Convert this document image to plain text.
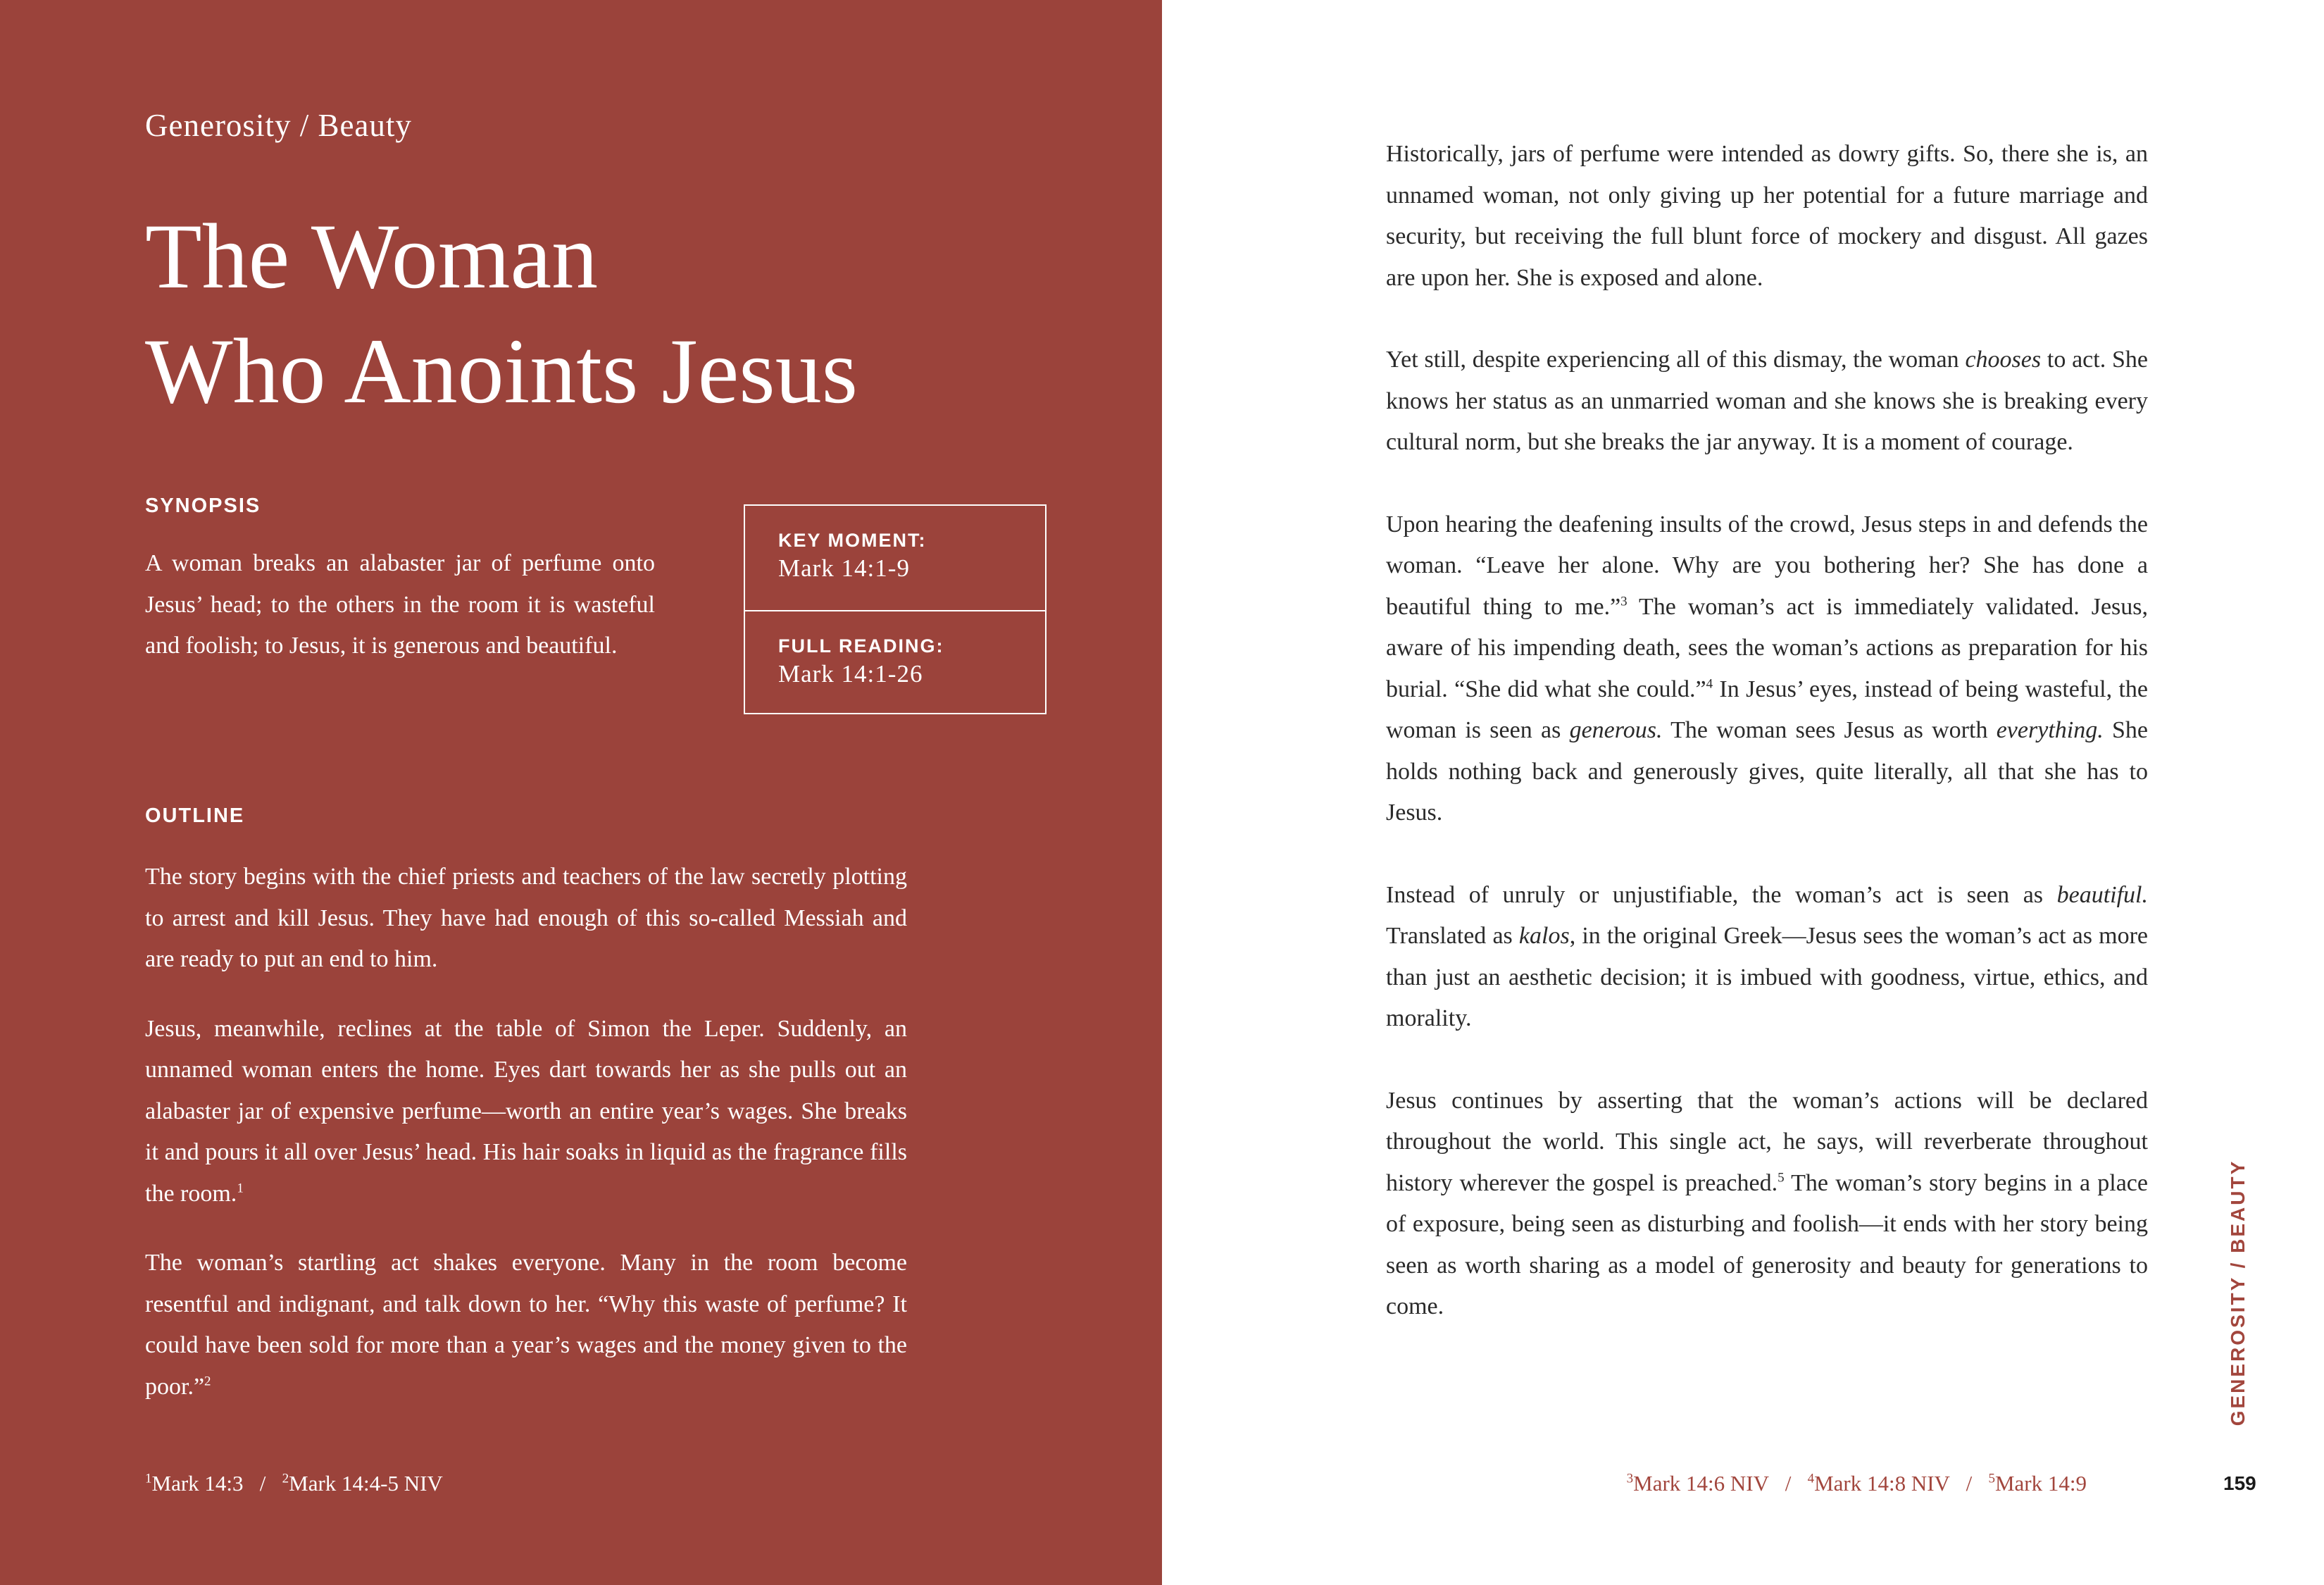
Generosity / Beauty
The Woman
Who Anoints Jesus
SYNOPSIS

A woman breaks an alabaster jar of perfume onto Jesus’ head; to the others in the room it is wasteful and foolish; to Jesus, it is generous and beautiful.

KEY MOMENT:
Mark 14:1-9
FULL READING:
Mark 14:1-26
OUTLINE

The story begins with the chief priests and teachers of the law secretly plotting to arrest and kill Jesus. They have had enough of this so-called Messiah and are ready to put an end to him.

Jesus, meanwhile, reclines at the table of Simon the Leper. Suddenly, an unnamed woman enters the home. Eyes dart towards her as she pulls out an alabaster jar of expensive perfume—worth an entire year’s wages. She breaks it and pours it all over Jesus’ head. His hair soaks in liquid as the fragrance fills the room.$^1$

The woman’s startling act shakes everyone. Many in the room become resentful and indignant, and talk down to her. “Why this waste of perfume? It could have been sold for more than a year’s wages and the money given to the poor.”$^2$

$^1$Mark 14:3 / $^2$Mark 14:4-5 NIV

Historically, jars of perfume were intended as dowry gifts. So, there she is, an unnamed woman, not only giving up her potential for a future marriage and security, but receiving the full blunt force of mockery and disgust. All gazes are upon her. She is exposed and alone.

Yet still, despite experiencing all of this dismay, the woman chooses to act. She knows her status as an unmarried woman and she knows she is breaking every cultural norm, but she breaks the jar anyway. It is a moment of courage.

Upon hearing the deafening insults of the crowd, Jesus steps in and defends the woman. “Leave her alone. Why are you bothering her? She has done a beautiful thing to me.”$^3$ The woman’s act is immediately validated. Jesus, aware of his impending death, sees the woman’s actions as preparation for his burial. “She did what she could.”$^4$ In Jesus’ eyes, instead of being wasteful, the woman is seen as generous. The woman sees Jesus as worth everything. She holds nothing back and generously gives, quite literally, all that she has to Jesus.

Instead of unruly or unjustifiable, the woman’s act is seen as beautiful. Translated as kalos, in the original Greek—Jesus sees the woman’s act as more than just an aesthetic decision; it is imbued with goodness, virtue, ethics, and morality.

Jesus continues by asserting that the woman’s actions will be declared throughout the world. This single act, he says, will reverberate throughout history wherever the gospel is preached.$^5$ The woman’s story begins in a place of exposure, being seen as disturbing and foolish—it ends with her story being seen as worth sharing as a model of generosity and beauty for generations to come.

$^3$Mark 14:6 NIV / $^4$Mark 14:8 NIV / $^5$Mark 14:9
GENEROSITY / BEAUTY
159
